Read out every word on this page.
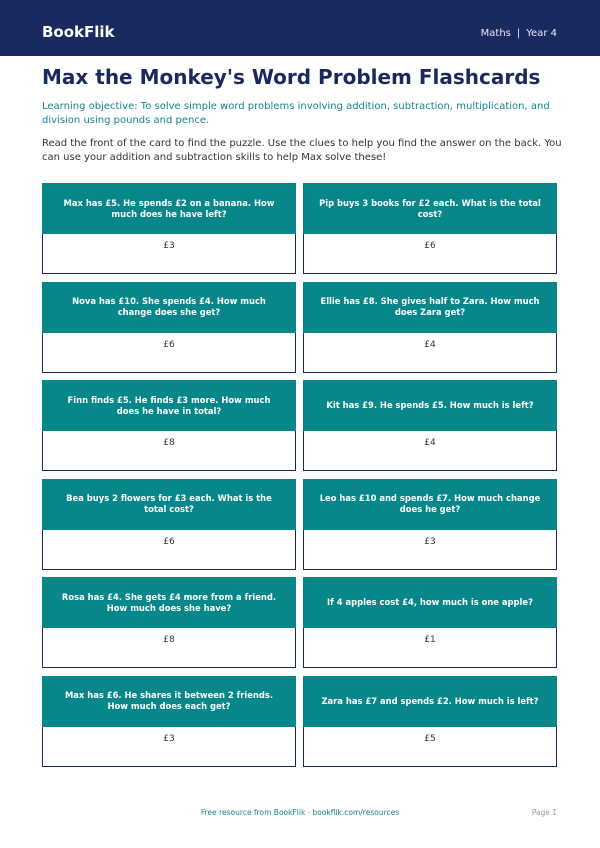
BookFlik	Maths | Year 4
Max the Monkey's Word Problem Flashcards

Learning objective: To solve simple word problems involving addition, subtraction, multiplication, and division using pounds and pence.

Read the front of the card to find the puzzle. Use the clues to help you find the answer on the back. You can use your addition and subtraction skills to help Max solve these!

Max has £5. He spends £2 on a banana. How much does he have left?
£3
Pip buys 3 books for £2 each. What is the total cost?
£6
Nova has £10. She spends £4. How much change does she get?
£6
Ellie has £8. She gives half to Zara. How much does Zara get?
£4
Finn finds £5. He finds £3 more. How much does he have in total?
£8
Kit has £9. He spends £5. How much is left?
£4
Bea buys 2 flowers for £3 each. What is the total cost?
£6
Leo has £10 and spends £7. How much change does he get?
£3
Rosa has £4. She gets £4 more from a friend. How much does she have?
£8
If 4 apples cost £4, how much is one apple?
£1
Max has £6. He shares it between 2 friends. How much does each get?
£3
Zara has £7 and spends £2. How much is left?
£5
Free resource from BookFlik · bookflik.com/resources	Page 1
